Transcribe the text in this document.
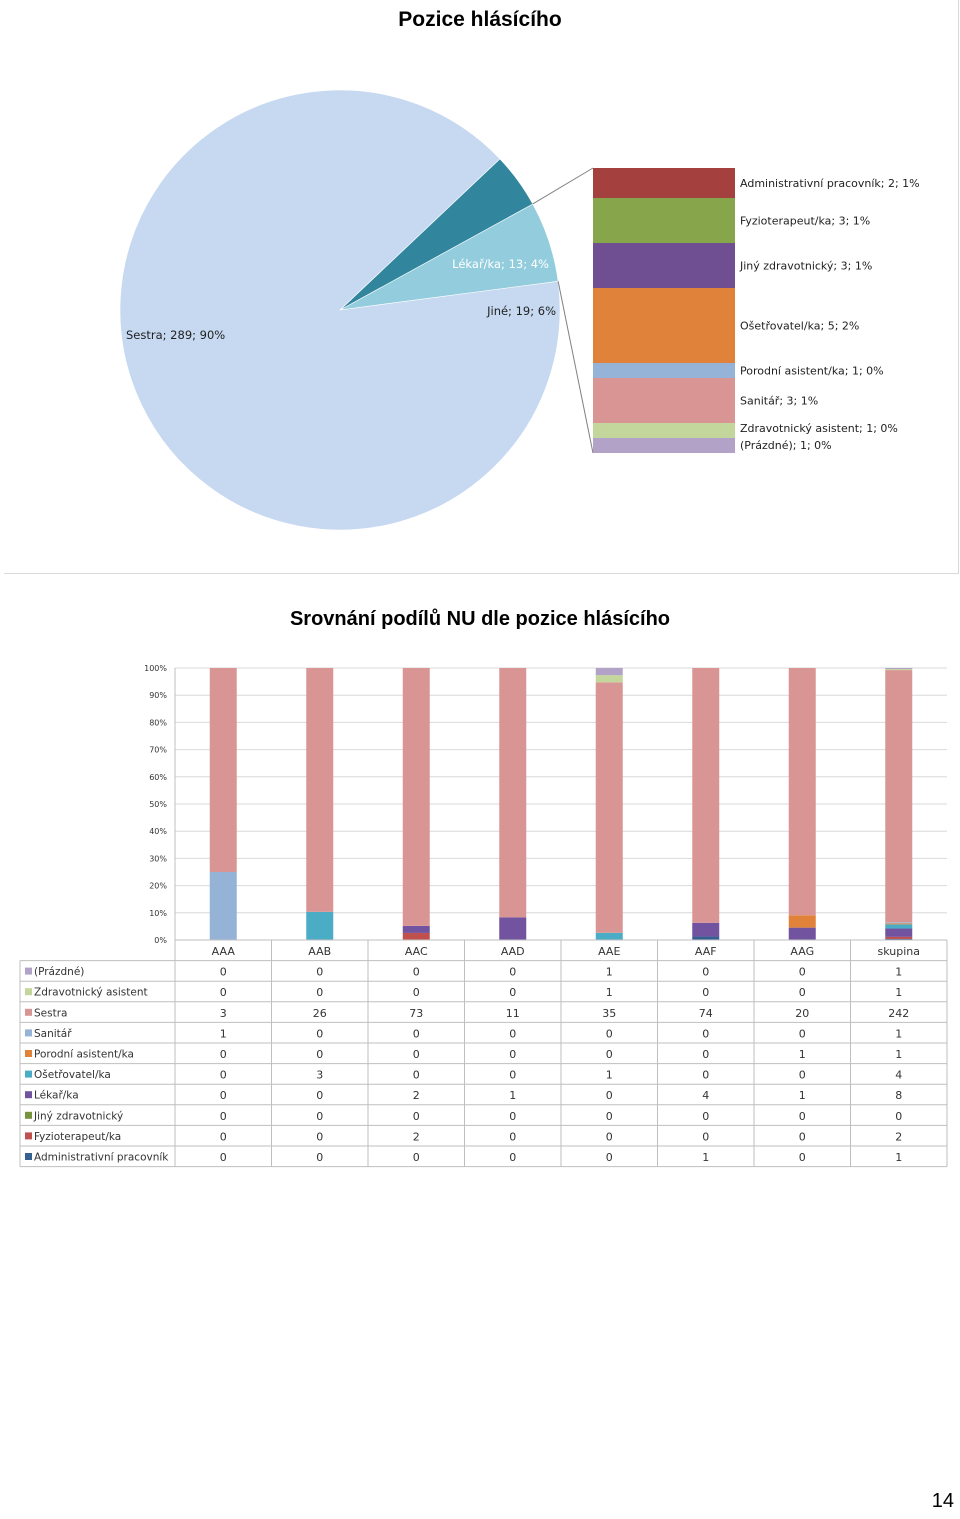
Pozice hlásícího
Sestra; 289; 90%
Lékař/ka; 13; 4%
Jiné; 19; 6%
Administrativní pracovník; 2; 1%
Fyzioterapeut/ka; 3; 1%
Jiný zdravotnický; 3; 1%
Ošetřovatel/ka; 5; 2%
Porodní asistent/ka; 1; 0%
Sanitář; 3; 1%
Zdravotnický asistent; 1; 0%
(Prázdné); 1; 0%
Srovnání podílů NU dle pozice hlásícího
0%
10%
20%
30%
40%
50%
60%
70%
80%
90%
100%
AAA	AAB	AAC	AAD	AAE	AAF	AAG	skupina
(Prázdné)	0	0	0	0	1	0	0	1
Zdravotnický asistent	0	0	0	0	1	0	0	1
Sestra	3	26	73	11	35	74	20	242
Sanitář	1	0	0	0	0	0	0	1
Porodní asistent/ka	0	0	0	0	0	0	1	1
Ošetřovatel/ka	0	3	0	0	1	0	0	4
Lékař/ka	0	0	2	1	0	4	1	8
Jiný zdravotnický	0	0	0	0	0	0	0	0
Fyzioterapeut/ka	0	0	2	0	0	0	0	2
Administrativní pracovník	0	0	0	0	0	1	0	1
14
